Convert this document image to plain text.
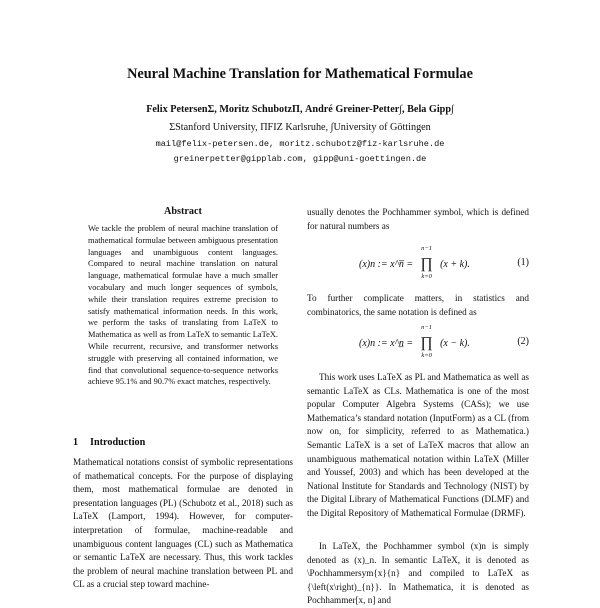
Neural Machine Translation for Mathematical Formulae
Felix PetersenΣ, Moritz SchubotzΠ, André Greiner-Petter∫, Bela Gipp∫
ΣStanford University, ΠFIZ Karlsruhe, ∫University of Göttingen
mail@felix-petersen.de, moritz.schubotz@fiz-karlsruhe.de
greinerpetter@gipplab.com, gipp@uni-goettingen.de
Abstract
We tackle the problem of neural machine translation of mathematical formulae between ambiguous presentation languages and unambiguous content languages. Compared to neural machine translation on natural language, mathematical formulae have a much smaller vocabulary and much longer sequences of symbols, while their translation requires extreme precision to satisfy mathematical information needs. In this work, we perform the tasks of translating from LaTeX to Mathematica as well as from LaTeX to semantic LaTeX. While recurrent, recursive, and transformer networks struggle with preserving all contained information, we find that convolutional sequence-to-sequence networks achieve 95.1% and 90.7% exact matches, respectively.
1 Introduction
Mathematical notations consist of symbolic representations of mathematical concepts. For the purpose of displaying them, most mathematical formulae are denoted in presentation languages (PL) (Schubotz et al., 2018) such as LaTeX (Lamport, 1994). However, for computer-interpretation of formulae, machine-readable and unambiguous content languages (CL) such as Mathematica or semantic LaTeX are necessary. Thus, this work tackles the problem of neural machine translation between PL and CL as a crucial step toward machine-
usually denotes the Pochhammer symbol, which is defined for natural numbers as
(x)n := x^n̅ = ∏
n−1
k=0
(x + k).	(1)
To further complicate matters, in statistics and combinatorics, the same notation is defined as
(x)n := x^n̲ = ∏
n−1
k=0
(x − k).	(2)
This work uses LaTeX as PL and Mathematica as well as semantic LaTeX as CLs. Mathematica is one of the most popular Computer Algebra Systems (CASs); we use Mathematica’s standard notation (InputForm) as a CL (from now on, for simplicity, referred to as Mathematica.) Semantic LaTeX is a set of LaTeX macros that allow an unambiguous mathematical notation within LaTeX (Miller and Youssef, 2003) and which has been developed at the National Institute for Standards and Technology (NIST) by the Digital Library of Mathematical Functions (DLMF) and the Digital Repository of Mathematical Formulae (DRMF).
In LaTeX, the Pochhammer symbol (x)n is simply denoted as (x)_n. In semantic LaTeX, it is denoted as \Pochhammersym{x}{n} and compiled to LaTeX as {\left(x\right)_{n}}. In Mathematica, it is denoted as Pochhammer[x, n] and
